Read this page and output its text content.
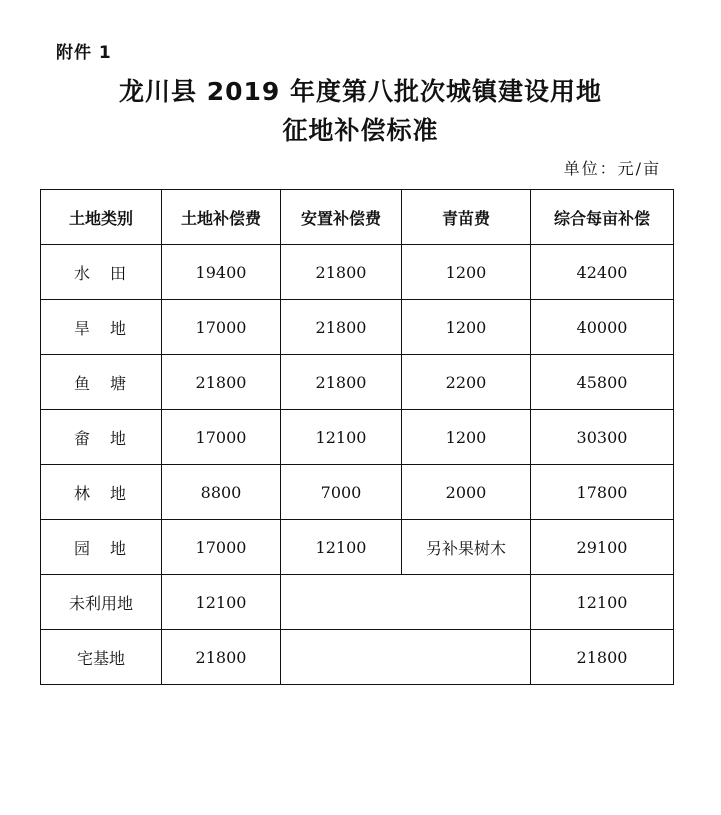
附件 1
龙川县 2019 年度第八批次城镇建设用地
征地补偿标准
单位：元/亩
土地类别	土地补偿费	安置补偿费	青苗费	综合每亩补偿
水　田	19400	21800	1200	42400
旱　地	17000	21800	1200	40000
鱼　塘	21800	21800	2200	45800
畲　地	17000	12100	1200	30300
林　地	8800	7000	2000	17800
园　地	17000	12100	另补果树木	29100
未利用地	12100			12100
宅基地	21800			21800
